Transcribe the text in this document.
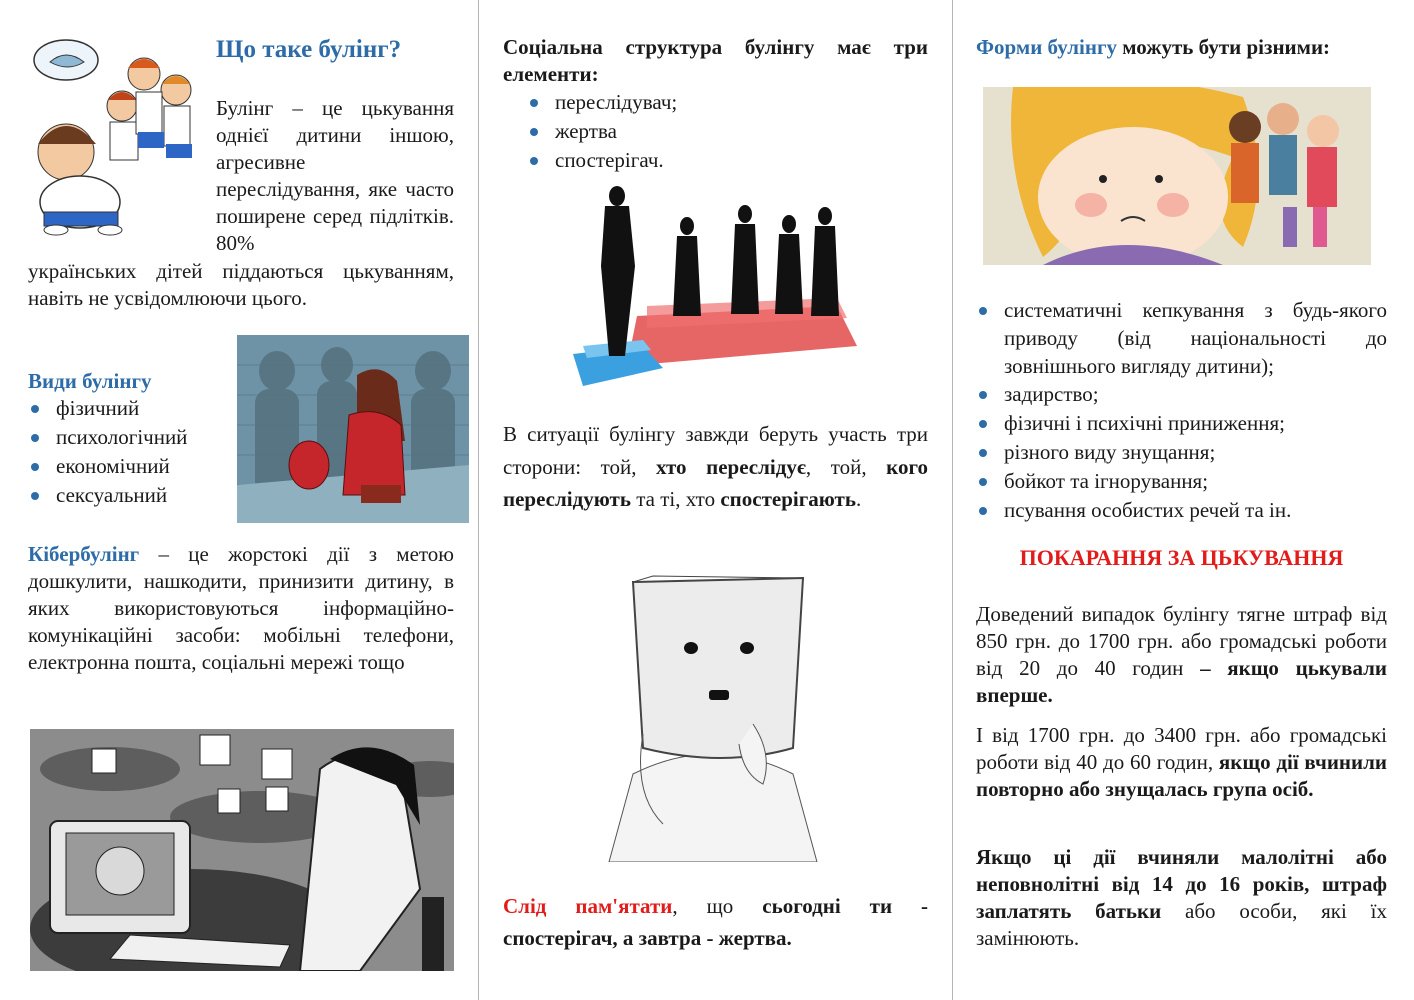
Що таке булінг?

Булінг – це цькування однієї дитини іншою, агресивне переслідування, яке часто поширене серед підлітків. 80%

українських дітей піддаються цькуванням, навіть не усвідомлюючи цього.

Види булінгу
фізичний
психологічний
економічний
сексуальний

Кібербулінг – це жорстокі дії з метою дошкулити, нашкодити, принизити дитину, в яких використовуються інформаційно-комунікаційні засоби: мобільні телефони, електронна пошта, соціальні мережі тощо

Соціальна структура булінгу має три елементи:

переслідувач;
жертва
спостерігач.

В ситуації булінгу завжди беруть участь три сторони: той, хто переслідує, той, кого переслідують та ті, хто спостерігають.

Слід пам'ятати, що сьогодні ти - спостерігач, а завтра - жертва.

Форми булінгу можуть бути різними:

систематичні кепкування з будь-якого приводу (від національності до зовнішнього вигляду дитини);
задирство;
фізичні і психічні приниження;
різного виду знущання;
бойкот та ігнорування;
псування особистих речей та ін.
ПОКАРАННЯ ЗА ЦЬКУВАННЯ

Доведений випадок булінгу тягне штраф від 850 грн. до 1700 грн. або громадські роботи від 20 до 40 годин – якщо цькували вперше.

І від 1700 грн. до 3400 грн. або громадські роботи від 40 до 60 годин, якщо дії вчинили повторно або знущалась група осіб.

Якщо ці дії вчиняли малолітні або неповнолітні від 14 до 16 років, штраф заплатять батьки або особи, які їх замінюють.
